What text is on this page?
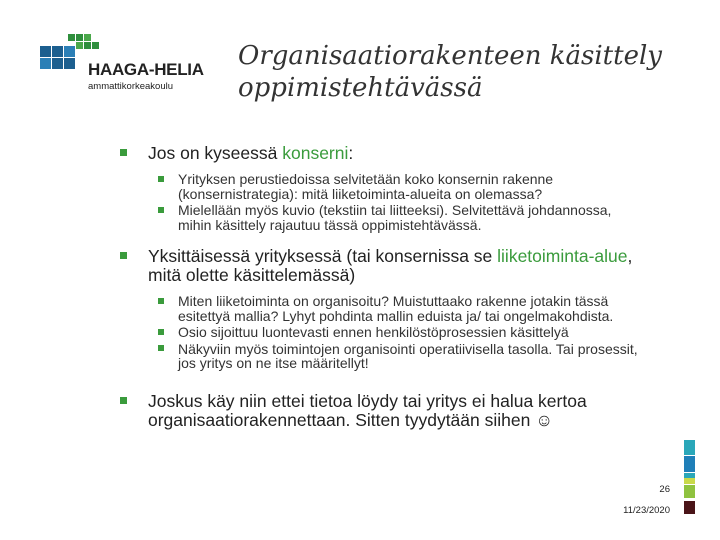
HAAGA-HELIA
ammattikorkeakoulu
Organisaatiorakenteen käsittely
oppimistehtävässä
Jos on kyseessä konserni:
Yrityksen perustiedoissa selvitetään koko konsernin rakenne (konsernistrategia): mitä liiketoiminta-alueita on olemassa?
Mielellään myös kuvio (tekstiin tai liitteeksi). Selvitettävä johdannossa, mihin käsittely rajautuu tässä oppimistehtävässä.
Yksittäisessä yrityksessä (tai konsernissa se liiketoiminta-alue, mitä olette käsittelemässä)
Miten liiketoiminta on organisoitu? Muistuttaako rakenne jotakin tässä esitettyä mallia? Lyhyt pohdinta mallin eduista ja/ tai ongelmakohdista.
Osio sijoittuu luontevasti ennen henkilöstöprosessien käsittelyä
Näkyviin myös toimintojen organisointi operatiivisella tasolla. Tai prosessit, jos yritys on ne itse määritellyt!
Joskus käy niin ettei tietoa löydy tai yritys ei halua kertoa organisaatiorakennettaan. Sitten tyydytään siihen ☺
26
11/23/2020
